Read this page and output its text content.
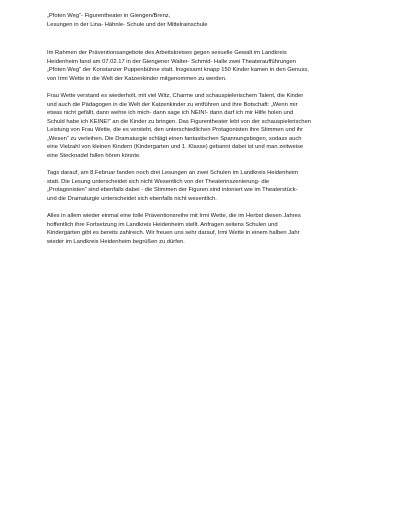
„Pfoten Weg“- Figurentheater in Giengen/Brenz,

Lesungen in der Lina- Hähnle- Schule und der Mittelrainschule

Im Rahmen der Präventionsangebote des Arbeitskreises gegen sexuelle Gewalt im Landkreis
Heidenheim fand am 07.02.17 in der Giengener Walter- Schmid- Halle zwei Theateraufführungen
„Pfoten Weg“ der Konstanzer Puppenbühne statt. Insgesamt knapp 150 Kinder kamen in den Genuss,
von Irmi Wette in die Welt der Katzenkinder mitgenommen zu werden.

Frau Wette verstand es wiederholt, mit viel Witz, Charme und schauspielerischem Talent, die Kinder
und auch die Pädagogen in die Welt der Katzenkinder zu entführen und ihre Botschaft: „Wenn mir
etwas nicht gefällt, dann wehre ich mich- dann sage ich NEIN!- dann darf ich mir Hilfe holen und
Schuld habe ich KEINE!“ an die Kinder zu bringen. Das Figurentheater lebt von der schauspielerischen
Leistung von Frau Wette, die es versteht, den unterschiedlichen Protagonisten ihre Stimmen und ihr
„Wesen“ zu verleihen. Die Dramaturgie schlägt einen fantastischen Spannungsbogen, sodass auch
eine Vielzahl von kleinen Kindern (Kindergarten und 1. Klasse) gebannt dabei ist und man zeitweise
eine Stecknadel fallen hören könnte.

Tags darauf, am 8.Februar fanden noch drei Lesungen an zwei Schulen im Landkreis Heidenheim
statt. Die Lesung unterscheidet sich nicht Wesentlich von der Theaterinszenierung- die
„Protagonisten“ sind ebenfalls dabei - die Stimmen der Figuren sind intoniert wie im Theaterstück-
und die Dramaturgie unterscheidet sich ebenfalls nicht wesentlich.

Alles in allem wieder einmal eine tolle Präventionsreihe mit Irmi Wette, die im Herbst diesen Jahres
hoffentlich ihre Fortsetzung im Landkreis Heidenheim stellt. Anfragen seitens Schulen und
Kindergärten gibt es bereits zahlreich. Wir freuen uns sehr darauf, Irmi Wette in einem halben Jahr
wieder im Landkreis Heidenheim begrüßen zu dürfen.
